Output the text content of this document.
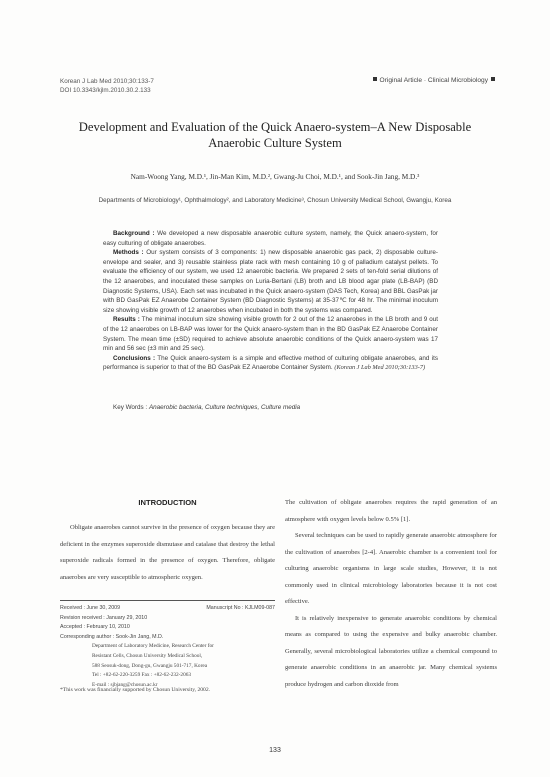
Korean J Lab Med 2010;30:133-7
DOI 10.3343/kjlm.2010.30.2.133
Original Article · Clinical Microbiology
Development and Evaluation of the Quick Anaero-system–A New Disposable
Anaerobic Culture System
Nam-Woong Yang, M.D.¹, Jin-Man Kim, M.D.², Gwang-Ju Choi, M.D.¹, and Sook-Jin Jang, M.D.³
Departments of Microbiology¹, Ophthalmology², and Laboratory Medicine³, Chosun University Medical School, Gwangju, Korea

Background : We developed a new disposable anaerobic culture system, namely, the Quick anaero-system, for easy culturing of obligate anaerobes.

Methods : Our system consists of 3 components: 1) new disposable anaerobic gas pack, 2) disposable culture-envelope and sealer, and 3) reusable stainless plate rack with mesh containing 10 g of palladium catalyst pellets. To evaluate the efficiency of our system, we used 12 anaerobic bacteria. We prepared 2 sets of ten-fold serial dilutions of the 12 anaerobes, and inoculated these samples on Luria-Bertani (LB) broth and LB blood agar plate (LB-BAP) (BD Diagnostic Systems, USA). Each set was incubated in the Quick anaero-system (DAS Tech, Korea) and BBL GasPak jar with BD GasPak EZ Anaerobe Container System (BD Diagnostic Systems) at 35-37℃ for 48 hr. The minimal inoculum size showing visible growth of 12 anaerobes when incubated in both the systems was compared.

Results : The minimal inoculum size showing visible growth for 2 out of the 12 anaerobes in the LB broth and 9 out of the 12 anaerobes on LB-BAP was lower for the Quick anaero-system than in the BD GasPak EZ Anaerobe Container System. The mean time (±SD) required to achieve absolute anaerobic conditions of the Quick anaero-system was 17 min and 56 sec (±3 min and 25 sec).

Conclusions : The Quick anaero-system is a simple and effective method of culturing obligate anaerobes, and its performance is superior to that of the BD GasPak EZ Anaerobe Container System. (Korean J Lab Med 2010;30:133-7)

Key Words : Anaerobic bacteria, Culture techniques, Culture media
INTRODUCTION

Obligate anaerobes cannot survive in the presence of oxygen because they are deficient in the enzymes superoxide dismutase and catalase that destroy the lethal superoxide radicals formed in the presence of oxygen. Therefore, obligate anaerobes are very susceptible to atmospheric oxygen.

Received : June 30, 2009	Manuscript No : KJLM09-087
Revision received : January 29, 2010
Accepted : February 10, 2010
Corresponding author : Sook-Jin Jang, M.D.
Department of Laboratory Medicine, Research Center for
Resistant Cells, Chosun University Medical School,
588 Seosuk-dong, Dong-gu, Gwangju 501-717, Korea
Tel : +82-62-220-3259 Fax : +82-62-232-2063
E-mail : sjbjang@chosun.ac.kr
*This work was financially supported by Chosun University, 2002.

The cultivation of obligate anaerobes requires the rapid generation of an atmosphere with oxygen levels below 0.5% [1].

Several techniques can be used to rapidly generate anaerobic atmosphere for the cultivation of anaerobes [2-4]. Anaerobic chamber is a convenient tool for culturing anaerobic organisms in large scale studies, However, it is not commonly used in clinical microbiology laboratories because it is not cost effective.

It is relatively inexpensive to generate anaerobic conditions by chemical means as compared to using the expensive and bulky anaerobic chamber. Generally, several microbiological laboratories utilize a chemical compound to generate anaerobic conditions in an anaerobic jar. Many chemical systems produce hydrogen and carbon dioxide from

133
